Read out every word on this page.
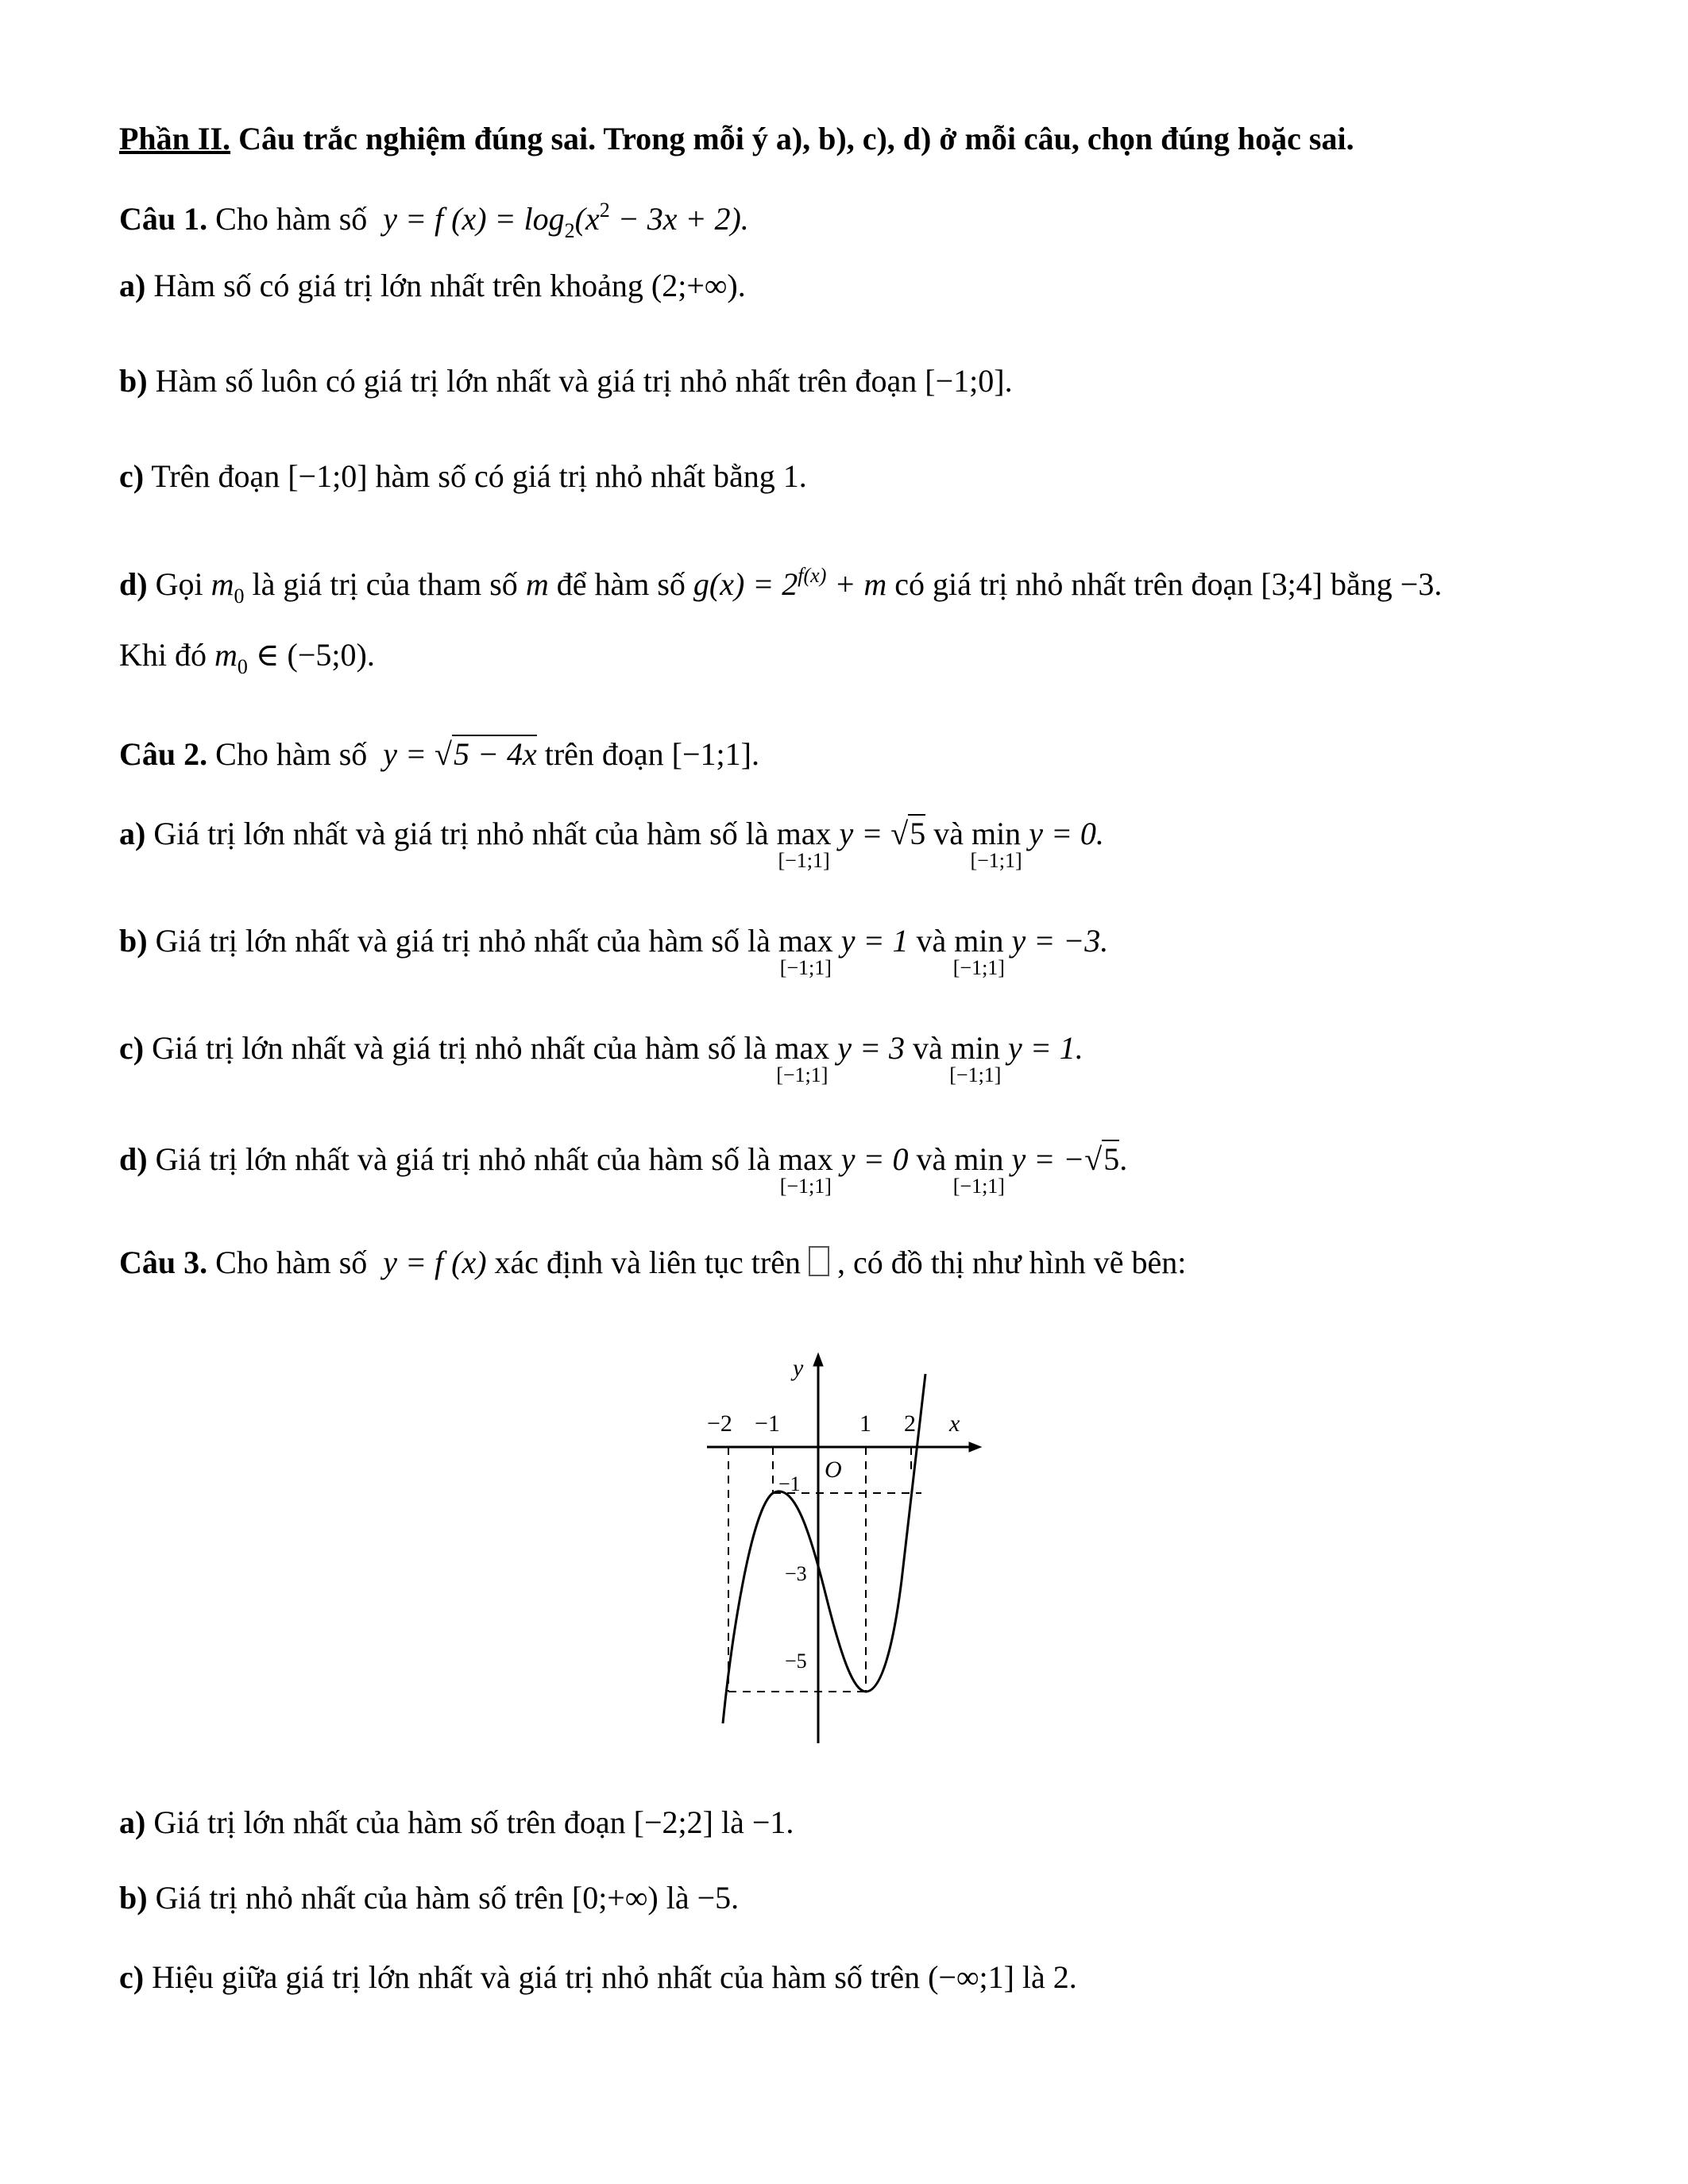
Phần II. Câu trắc nghiệm đúng sai. Trong mỗi ý a), b), c), d) ở mỗi câu, chọn đúng hoặc sai.
Câu 1. Cho hàm số y = f $(x) = \log_2(x^2 - 3x + 2)$.
a) Hàm số có giá trị lớn nhất trên khoảng (2;+∞).
b) Hàm số luôn có giá trị lớn nhất và giá trị nhỏ nhất trên đoạn [−1;0].
c) Trên đoạn [−1;0] hàm số có giá trị nhỏ nhất bằng 1.
d) Gọi $m_0$ là giá trị của tham số m để hàm số $g(x) = 2^{f(x)} + m$ có giá trị nhỏ nhất trên đoạn [3;4] bằng −3.
Khi đó $m_0$ ∈ (−5;0).
Câu 2. Cho hàm số y = √5 − 4x trên đoạn [−1;1].
a) Giá trị lớn nhất và giá trị nhỏ nhất của hàm số là max
[−1;1]
y = √5 và min
[−1;1]
y = 0.
b) Giá trị lớn nhất và giá trị nhỏ nhất của hàm số là max
[−1;1]
y = 1 và min
[−1;1]
y = −3.
c) Giá trị lớn nhất và giá trị nhỏ nhất của hàm số là max
[−1;1]
y = 3 và min
[−1;1]
y = 1.
d) Giá trị lớn nhất và giá trị nhỏ nhất của hàm số là max
[−1;1]
y = 0 và min
[−1;1]
y = −√5.
Câu 3. Cho hàm số y = f (x) xác định và liên tục trên , có đồ thị như hình vẽ bên:
−2 −1	1 2 x
y
O
−1
−3
−5
a) Giá trị lớn nhất của hàm số trên đoạn [−2;2] là −1.
b) Giá trị nhỏ nhất của hàm số trên [0;+∞) là −5.
c) Hiệu giữa giá trị lớn nhất và giá trị nhỏ nhất của hàm số trên (−∞;1] là 2.
